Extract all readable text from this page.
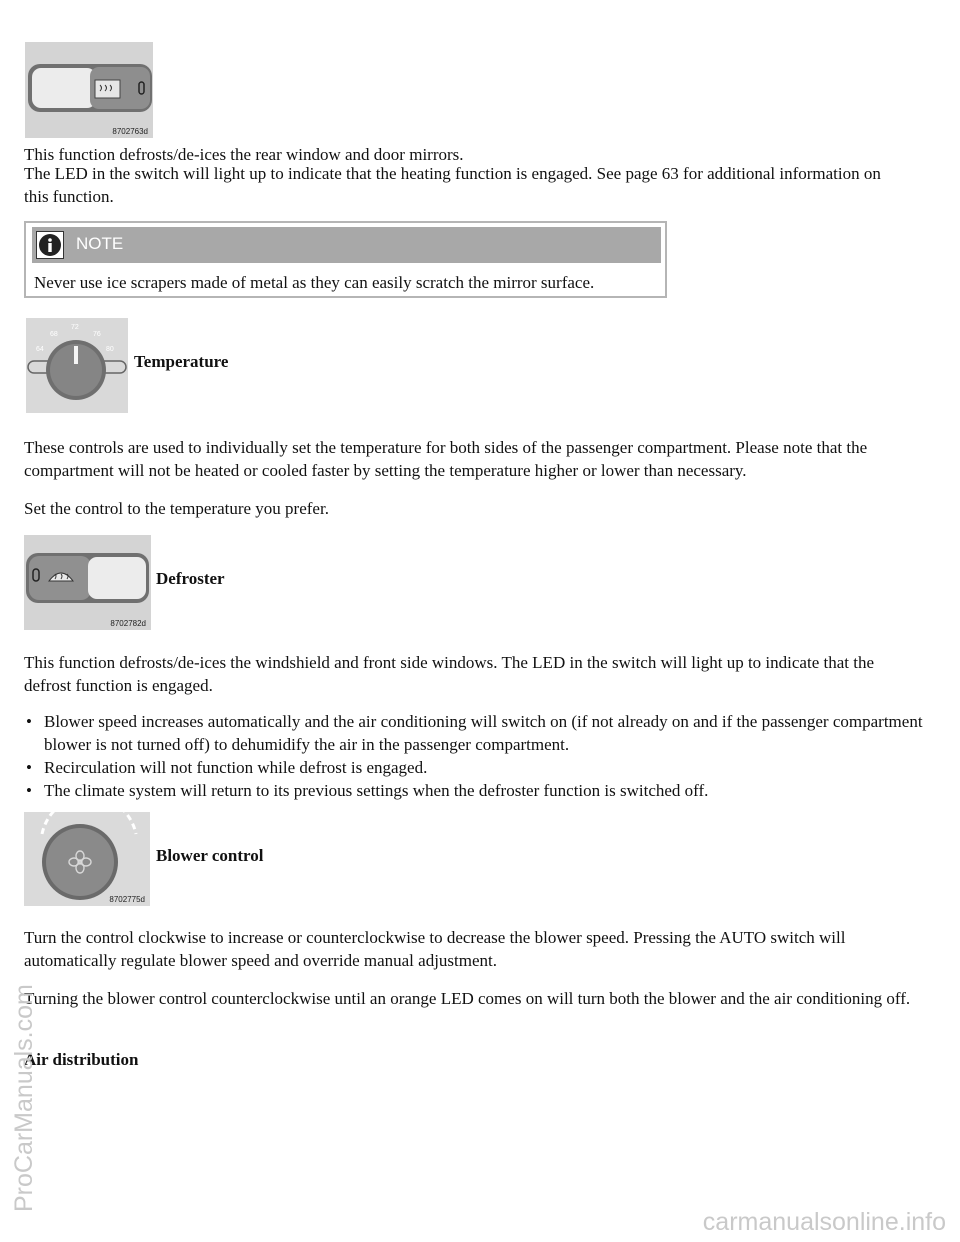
8702763d

This function defrosts/de-ices the rear window and door mirrors.

The LED in the switch will light up to indicate that the heating function is engaged. See page 63 for additional information on this function.

NOTE

Never use ice scrapers made of metal as they can easily scratch the mirror surface.

64
68
72
76
80

Temperature

These controls are used to individually set the temperature for both sides of the passenger compartment. Please note that the compartment will not be heated or cooled faster by setting the temperature higher or lower than necessary.

Set the control to the temperature you prefer.

8702782d

Defroster

This function defrosts/de-ices the windshield and front side windows. The LED in the switch will light up to indicate that the defrost function is engaged.

• Blower speed increases automatically and the air conditioning will switch on (if not already on and if the passenger compartment blower is not turned off) to dehumidify the air in the passenger compartment.
• Recirculation will not function while defrost is engaged.
• The climate system will return to its previous settings when the defroster function is switched off.
8702775d

Blower control

Turn the control clockwise to increase or counterclockwise to decrease the blower speed. Pressing the AUTO switch will automatically regulate blower speed and override manual adjustment.

Turning the blower control counterclockwise until an orange LED comes on will turn both the blower and the air conditioning off.

Air distribution

ProCarManuals.com
carmanualsonline.info
